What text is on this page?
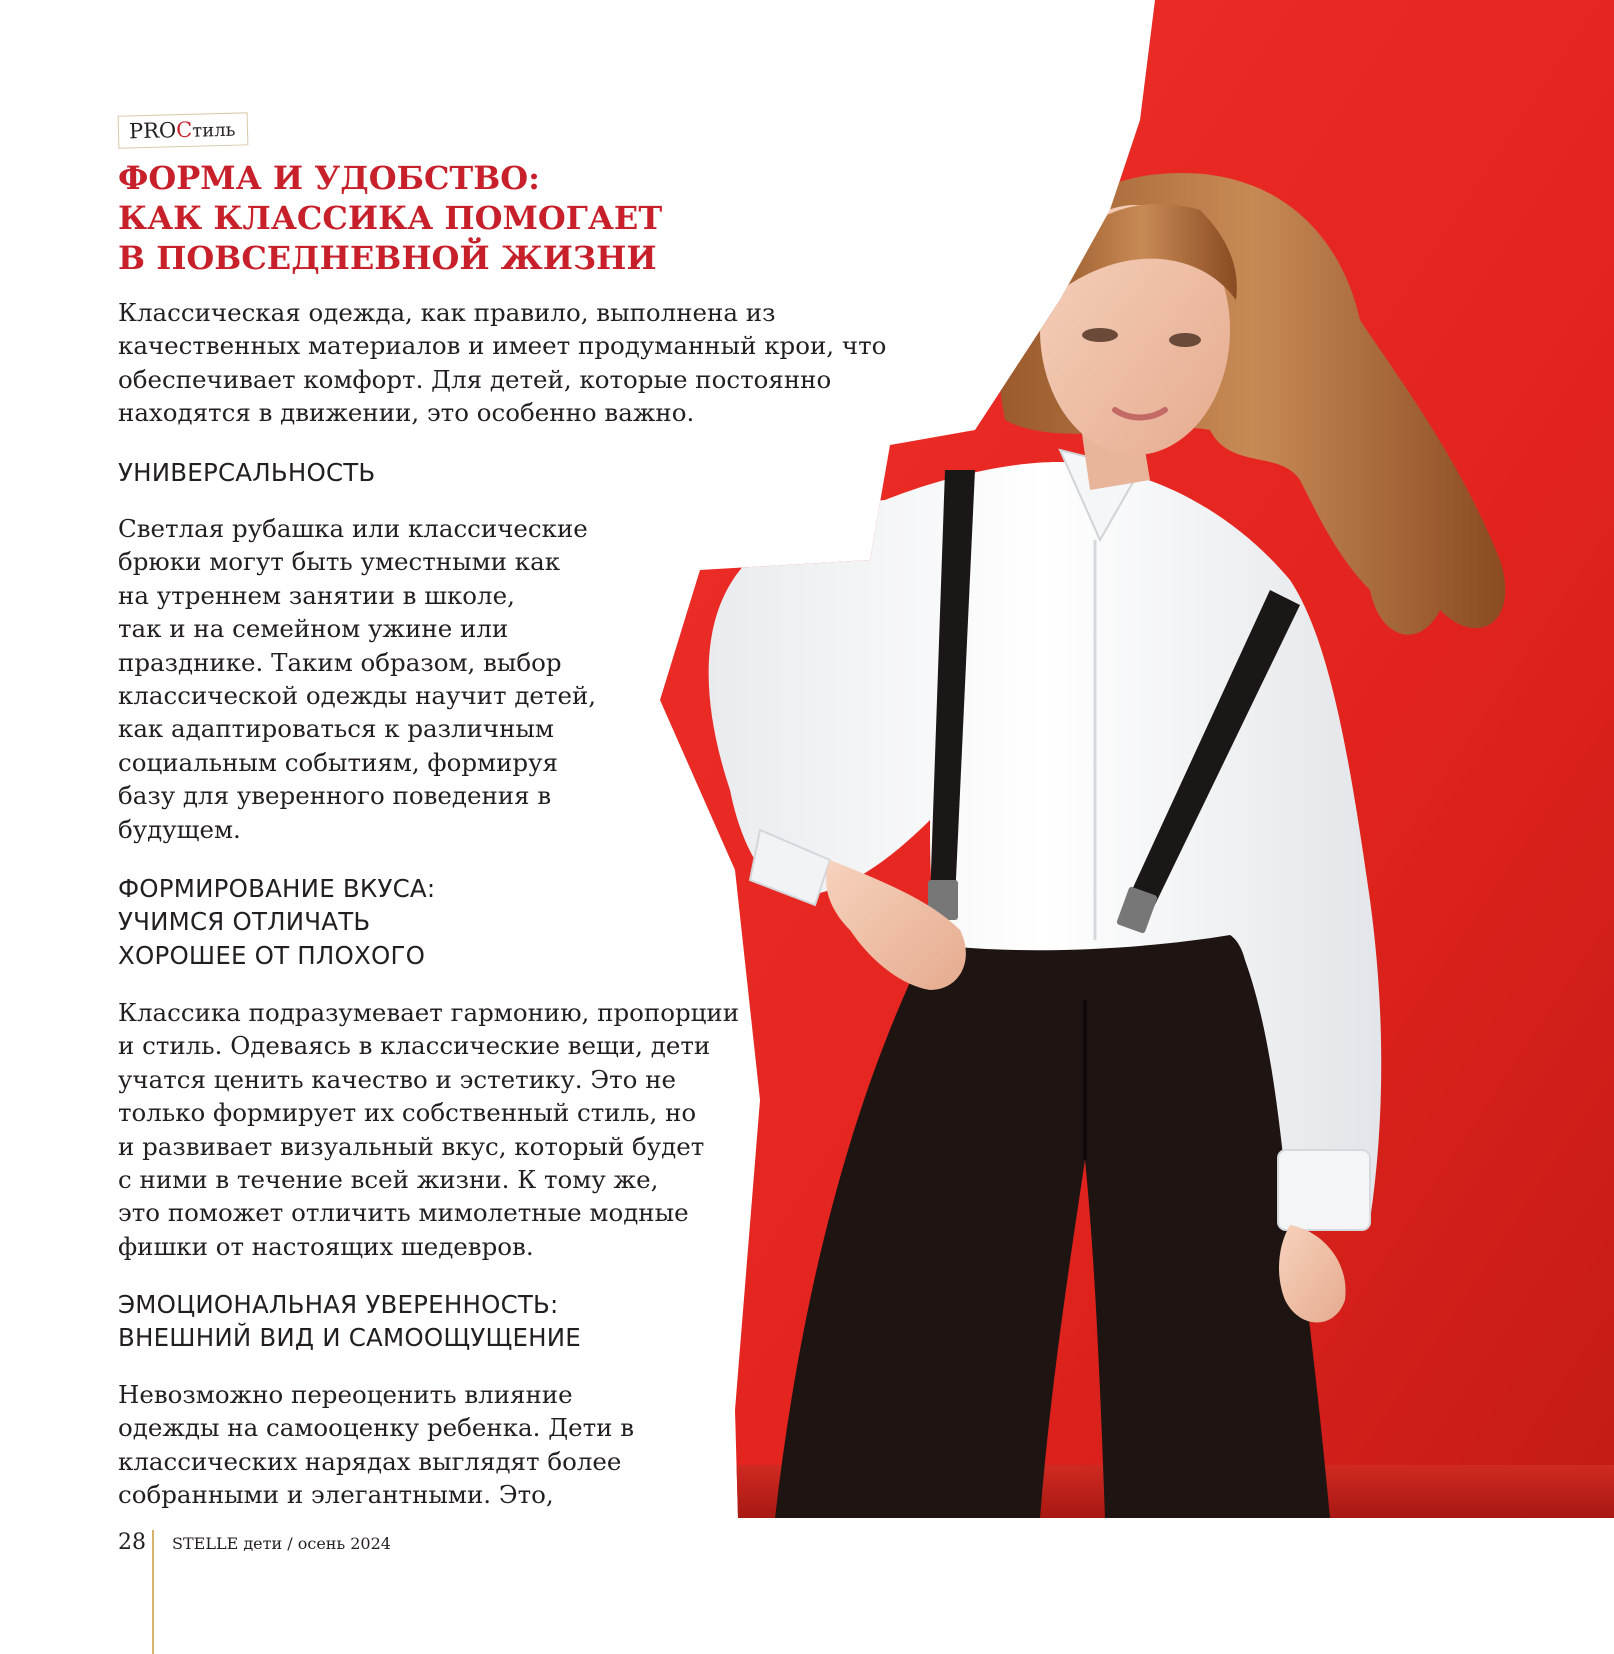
PROСтиль
ФОРМА И УДОБСТВО:
КАК КЛАССИКА ПОМОГАЕТ
В ПОВСЕДНЕВНОЙ ЖИЗНИ

Классическая одежда, как правило, выполнена из
качественных материалов и имеет продуманный крои, что
обеспечивает комфорт. Для детей, которые постоянно
находятся в движении, это особенно важно.

УНИВЕРСАЛЬНОСТЬ

Светлая рубашка или классические
брюки могут быть уместными как
на утреннем занятии в школе,
так и на семейном ужине или
празднике. Таким образом, выбор
классической одежды научит детей,
как адаптироваться к различным
социальным событиям, формируя
базу для уверенного поведения в
будущем.

ФОРМИРОВАНИЕ ВКУСА:
УЧИМСЯ ОТЛИЧАТЬ
ХОРОШЕЕ ОТ ПЛОХОГО

Классика подразумевает гармонию, пропорции
и стиль. Одеваясь в классические вещи, дети
учатся ценить качество и эстетику. Это не
только формирует их собственный стиль, но
и развивает визуальный вкус, который будет
с ними в течение всей жизни. К тому же,
это поможет отличить мимолетные модные
фишки от настоящих шедевров.

ЭМОЦИОНАЛЬНАЯ УВЕРЕННОСТЬ:
ВНЕШНИЙ ВИД И САМООЩУЩЕНИЕ

Невозможно переоценить влияние
одежды на самооценку ребенка. Дети в
классических нарядах выглядят более
собранными и элегантными. Это,

28 STELLE дети / осень 2024
